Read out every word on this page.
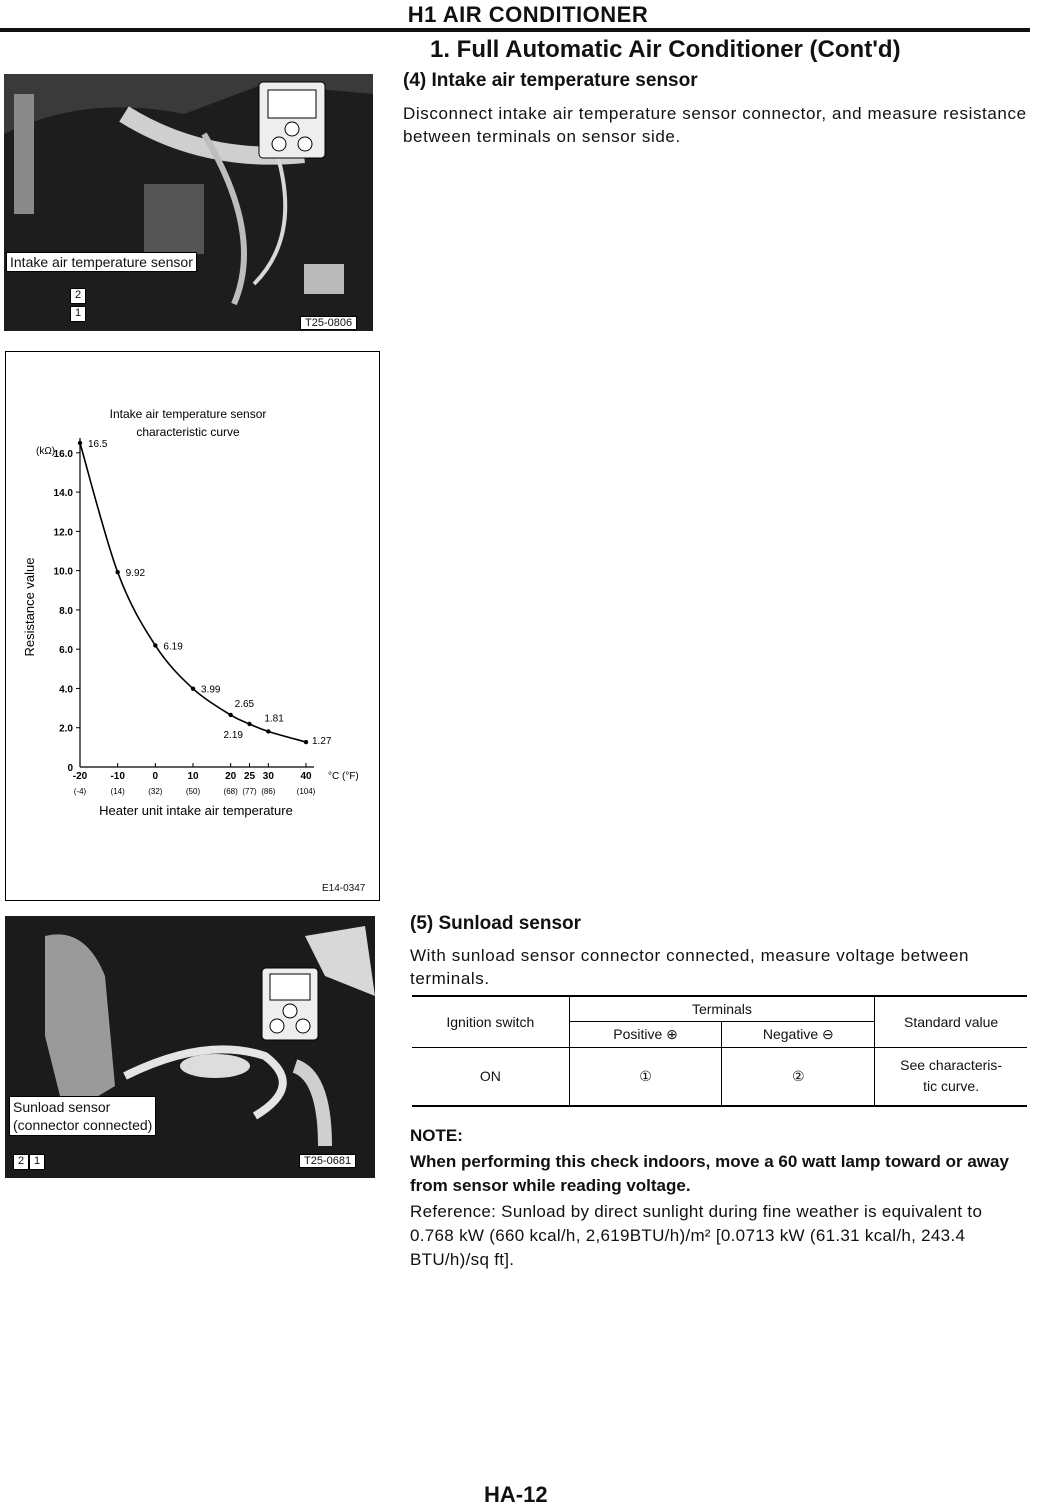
H1 AIR CONDITIONER
1. Full Automatic Air Conditioner (Cont'd)
Intake air temperature sensor
2
1
T25-0806
(4) Intake air temperature sensor
Disconnect intake air temperature sensor connector, and measure resistance between terminals on sensor side.
Intake air temperature sensor
characteristic curve
(kΩ)
16.0
14.0
12.0
10.0
8.0
6.0
4.0
2.0
0
Resistance value
-20
(-4)
-10
(14)
0
(32)
10
(50)
20
(68)
25
(77)
30
(86)
40
(104)
°C (°F)
Heater unit intake air temperature
16.5
9.92
6.19
3.99
2.65
2.19
1.81
1.27
E14-0347
Sunload sensor
(connector connected)
2 1	T25-0681
(5) Sunload sensor
With sunload sensor connector connected, measure voltage between terminals.
Ignition switch	Terminals		Standard value
	Positive ⊕	Negative ⊖	
ON	①	②	See characteris-
tic curve.
NOTE:
When performing this check indoors, move a 60 watt lamp toward or away from sensor while reading voltage.
Reference: Sunload by direct sunlight during fine weather is equivalent to 0.768 kW (660 kcal/h, 2,619BTU/h)/m² [0.0713 kW (61.31 kcal/h, 243.4 BTU/h)/sq ft].
HA-12
